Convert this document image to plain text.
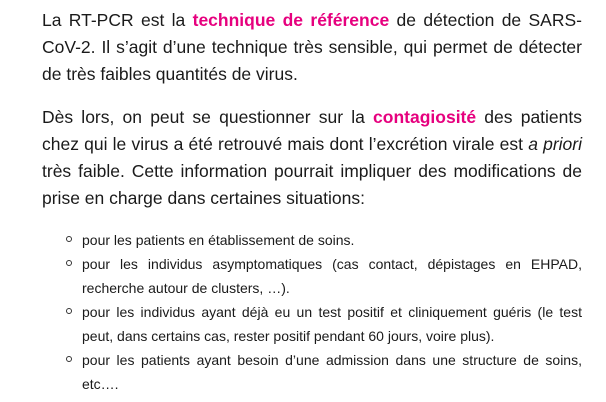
La RT-PCR est la technique de référence de détection de SARS-CoV-2. Il s’agit d’une technique très sensible, qui permet de détecter de très faibles quantités de virus.

Dès lors, on peut se questionner sur la contagiosité des patients chez qui le virus a été retrouvé mais dont l’excrétion virale est a priori très faible. Cette information pourrait impliquer des modifications de prise en charge dans certaines situations:

pour les patients en établissement de soins.
pour les individus asymptomatiques (cas contact, dépistages en EHPAD, recherche autour de clusters, …).
pour les individus ayant déjà eu un test positif et cliniquement guéris (le test peut, dans certains cas, rester positif pendant 60 jours, voire plus).
pour les patients ayant besoin d’une admission dans une structure de soins, etc….
